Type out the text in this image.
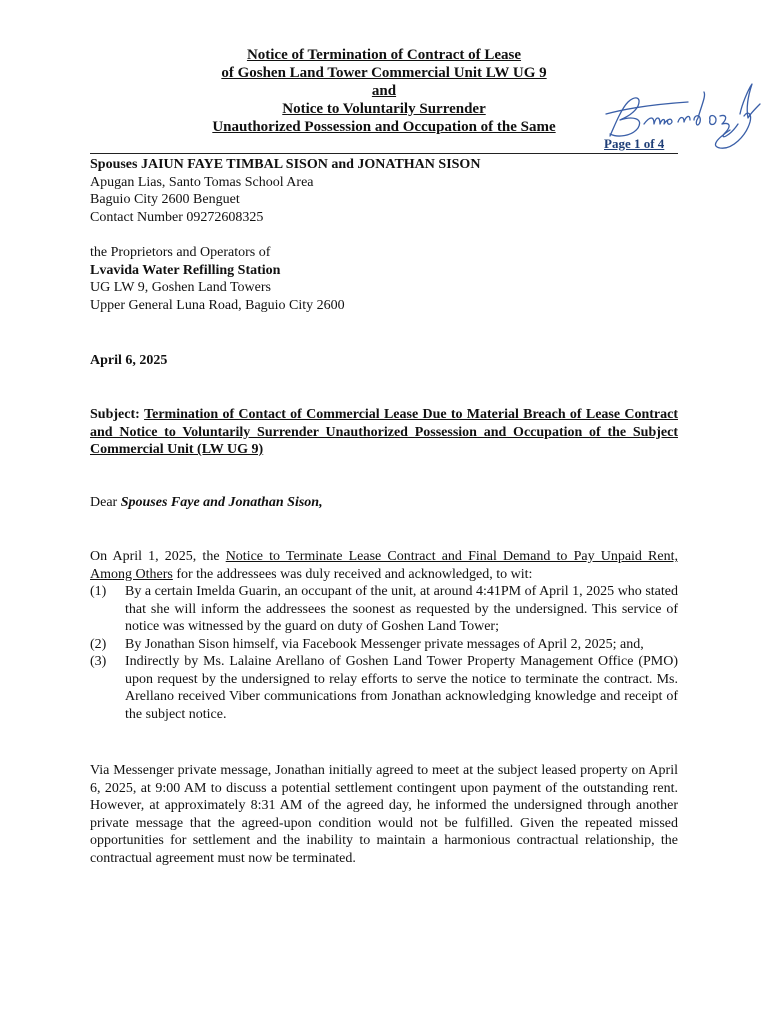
Notice of Termination of Contract of Lease
of Goshen Land Tower Commercial Unit LW UG 9
and
Notice to Voluntarily Surrender
Unauthorized Possession and Occupation of the Same
Page 1 of 4
Spouses JAIUN FAYE TIMBAL SISON and JONATHAN SISON
Apugan Lias, Santo Tomas School Area
Baguio City 2600 Benguet
Contact Number 09272608325
the Proprietors and Operators of
Lvavida Water Refilling Station
UG LW 9, Goshen Land Towers
Upper General Luna Road, Baguio City 2600
April 6, 2025
Subject: Termination of Contact of Commercial Lease Due to Material Breach of Lease Contract and Notice to Voluntarily Surrender Unauthorized Possession and Occupation of the Subject Commercial Unit (LW UG 9)
Dear Spouses Faye and Jonathan Sison,
On April 1, 2025, the Notice to Terminate Lease Contract and Final Demand to Pay Unpaid Rent, Among Others for the addressees was duly received and acknowledged, to wit:
(1)	By a certain Imelda Guarin, an occupant of the unit, at around 4:41PM of April 1, 2025 who stated that she will inform the addressees the soonest as requested by the undersigned. This service of notice was witnessed by the guard on duty of Goshen Land Tower;
(2)	By Jonathan Sison himself, via Facebook Messenger private messages of April 2, 2025; and,
(3)	Indirectly by Ms. Lalaine Arellano of Goshen Land Tower Property Management Office (PMO) upon request by the undersigned to relay efforts to serve the notice to terminate the contract. Ms. Arellano received Viber communications from Jonathan acknowledging knowledge and receipt of the subject notice.
Via Messenger private message, Jonathan initially agreed to meet at the subject leased property on April 6, 2025, at 9:00 AM to discuss a potential settlement contingent upon payment of the outstanding rent. However, at approximately 8:31 AM of the agreed day, he informed the undersigned through another private message that the agreed-upon condition would not be fulfilled. Given the repeated missed opportunities for settlement and the inability to maintain a harmonious contractual relationship, the contractual agreement must now be terminated.
